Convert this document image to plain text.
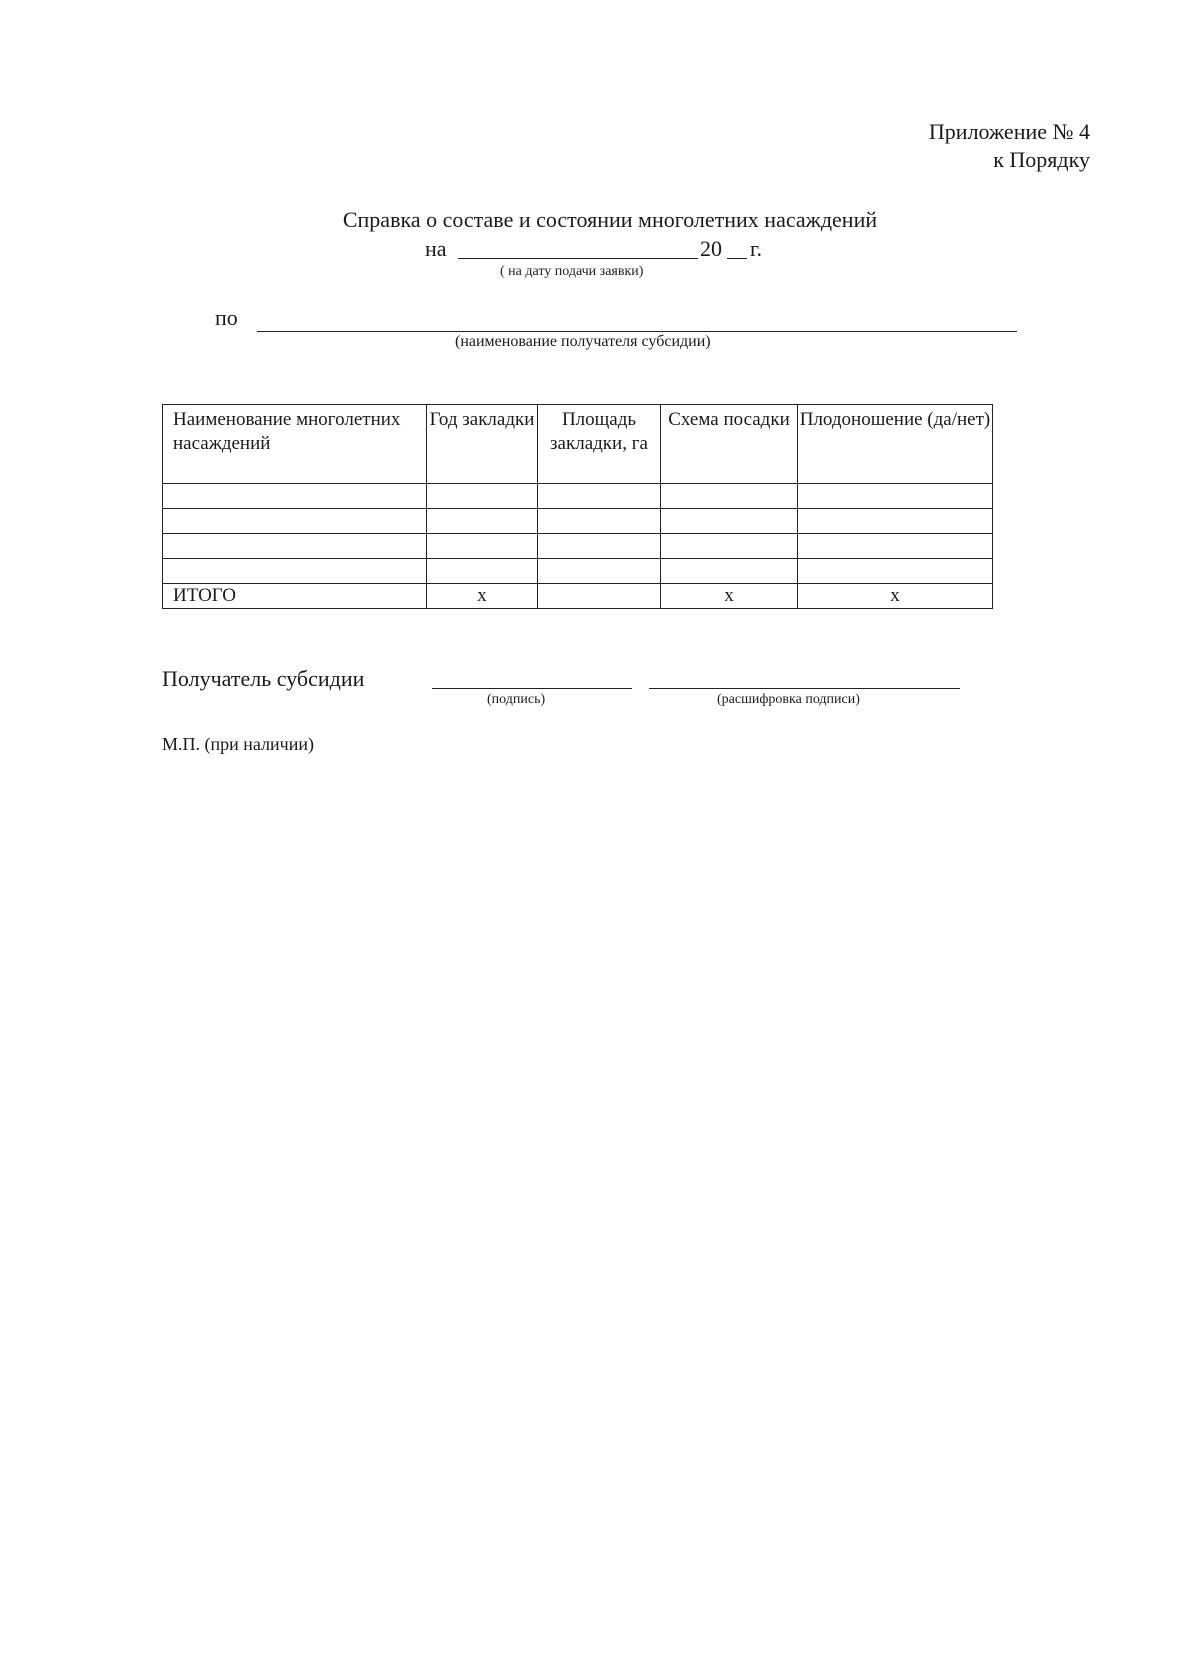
Приложение № 4
к Порядку
Справка о составе и состоянии многолетних насаждений
на	20 г.
( на дату подачи заявки)
по
(наименование получателя субсидии)
Наименование многолетних насаждений	Год закладки	Площадь закладки, га	Схема посадки	Плодоношение (да/нет)

ИТОГО	х		х	х
Получатель субсидии
(подпись)	(расшифровка подписи)
М.П. (при наличии)
